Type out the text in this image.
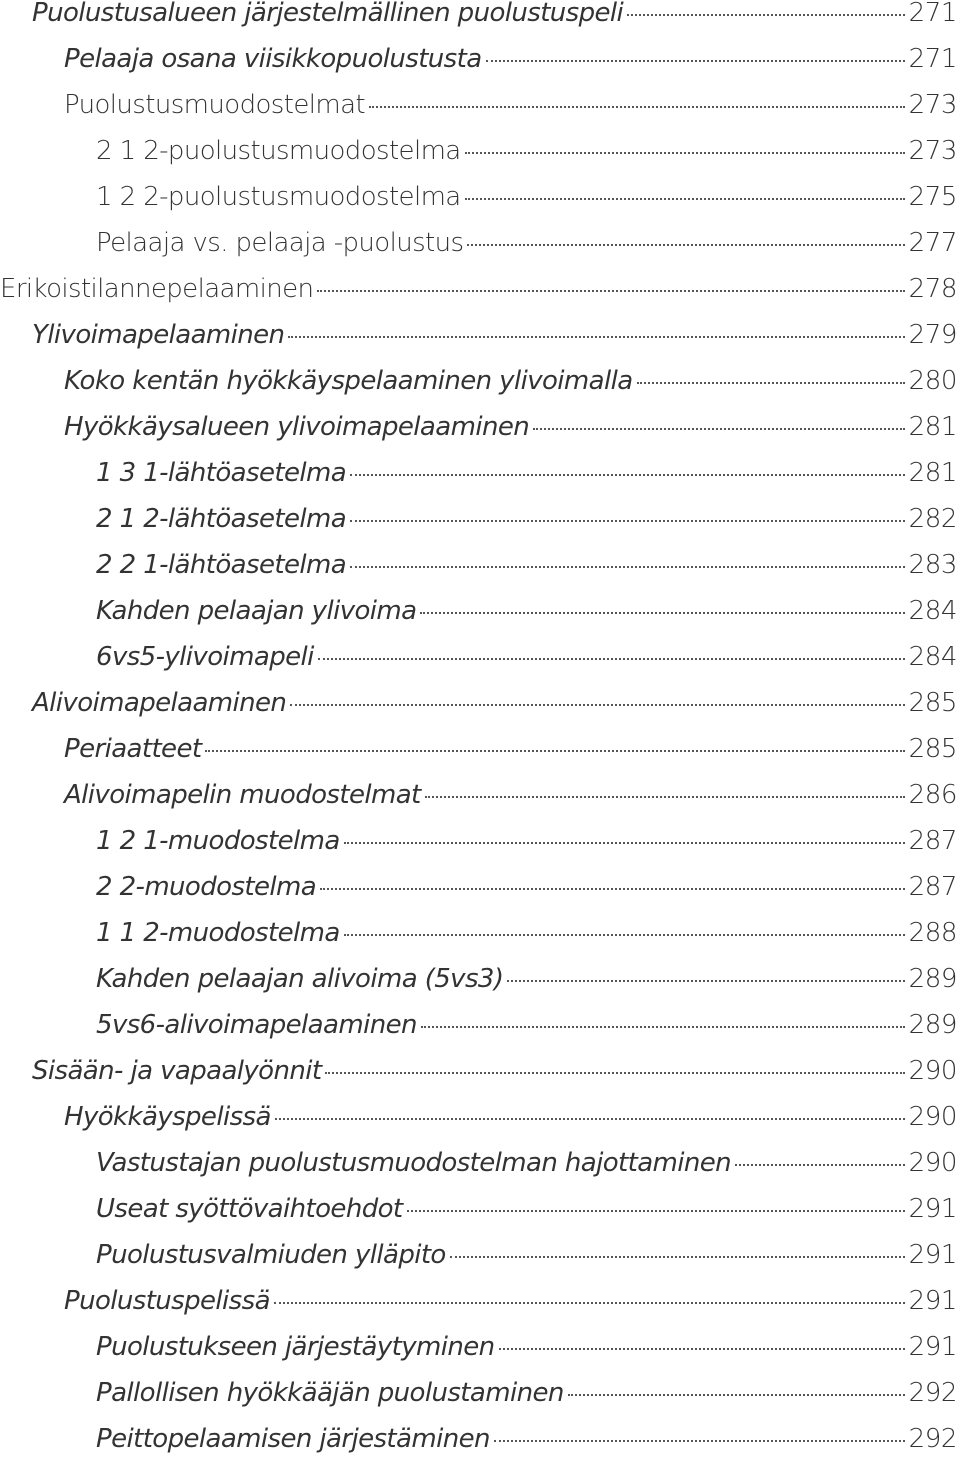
Puolustusalueen järjestelmällinen puolustuspeli	271
Pelaaja osana viisikkopuolustusta	271
Puolustusmuodostelmat	273
2 1 2-puolustusmuodostelma	273
1 2 2-puolustusmuodostelma	275
Pelaaja vs. pelaaja -puolustus	277
Erikoistilannepelaaminen	278
Ylivoimapelaaminen	279
Koko kentän hyökkäyspelaaminen ylivoimalla	280
Hyökkäysalueen ylivoimapelaaminen	281
1 3 1-lähtöasetelma	281
2 1 2-lähtöasetelma	282
2 2 1-lähtöasetelma	283
Kahden pelaajan ylivoima	284
6vs5-ylivoimapeli	284
Alivoimapelaaminen	285
Periaatteet	285
Alivoimapelin muodostelmat	286
1 2 1-muodostelma	287
2 2-muodostelma	287
1 1 2-muodostelma	288
Kahden pelaajan alivoima (5vs3)	289
5vs6-alivoimapelaaminen	289
Sisään- ja vapaalyönnit	290
Hyökkäyspelissä	290
Vastustajan puolustusmuodostelman hajottaminen	290
Useat syöttövaihtoehdot	291
Puolustusvalmiuden ylläpito	291
Puolustuspelissä	291
Puolustukseen järjestäytyminen	291
Pallollisen hyökkääjän puolustaminen	292
Peittopelaamisen järjestäminen	292
